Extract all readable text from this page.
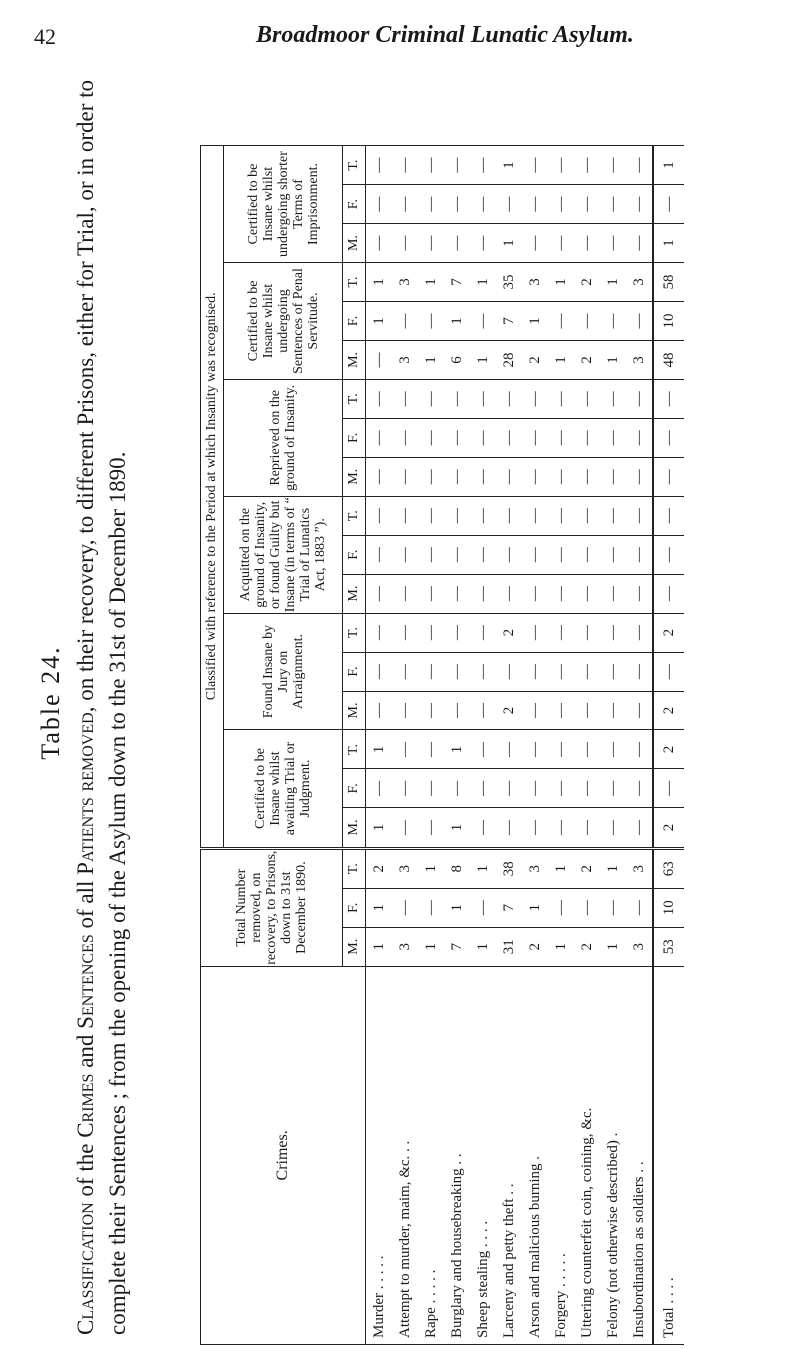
42	Broadmoor Criminal Lunatic Asylum.
Table 24.
Classification of the Crimes and Sentences of all Patients removed, on their recovery, to different Prisons, either for Trial, or in order to complete their Sentences ; from the opening of the Asylum down to the 31st of December 1890.	Crimes.	Total Number removed, on recovery, to Prisons, down to 31st December 1890.			Classified with reference to the Period at which Insanity was recognised.																	
				Certified to be Insane whilst awaiting Trial or Judgment.			Found Insane by Jury on Arraignment.			Acquitted on the ground of Insanity, or found Guilty but Insane (in terms of “ Trial of Lunatics Act, 1883 ”).			Reprieved on the ground of Insanity.			Certified to be Insane whilst undergoing Sentences of Penal Servitude.			Certified to be Insane whilst undergoing shorter Terms of Imprisonment.		
	M.	F.	T.	M.	F.	T.	M.	F.	T.	M.	F.	T.	M.	F.	T.	M.	F.	T.	M.	F.	T.
Murder . . . . .	1	1	2	1	—	1	—	—	—	—	—	—	—	—	—	—	1	1	—	—	—
Attempt to murder, maim, &c. . .	3	—	3	—	—	—	—	—	—	—	—	—	—	—	—	3	—	3	—	—	—
Rape . . . . .	1	—	1	—	—	—	—	—	—	—	—	—	—	—	—	1	—	1	—	—	—
Burglary and housebreaking . .	7	1	8	1	—	1	—	—	—	—	—	—	—	—	—	6	1	7	—	—	—
Sheep stealing . . . .	1	—	1	—	—	—	—	—	—	—	—	—	—	—	—	1	—	1	—	—	—
Larceny and petty theft . .	31	7	38	—	—	—	2	—	2	—	—	—	—	—	—	28	7	35	1	—	1
Arson and malicious burning .	2	1	3	—	—	—	—	—	—	—	—	—	—	—	—	2	1	3	—	—	—
Forgery . . . . .	1	—	1	—	—	—	—	—	—	—	—	—	—	—	—	1	—	1	—	—	—
Uttering counterfeit coin, coining, &c.	2	—	2	—	—	—	—	—	—	—	—	—	—	—	—	2	—	2	—	—	—
Felony (not otherwise described) .	1	—	1	—	—	—	—	—	—	—	—	—	—	—	—	1	—	1	—	—	—
Insubordination as soldiers . .	3	—	3	—	—	—	—	—	—	—	—	—	—	—	—	3	—	3	—	—	—
Total . . . .	53	10	63	2	—	2	2	—	2	—	—	—	—	—	—	48	10	58	1	—	1
